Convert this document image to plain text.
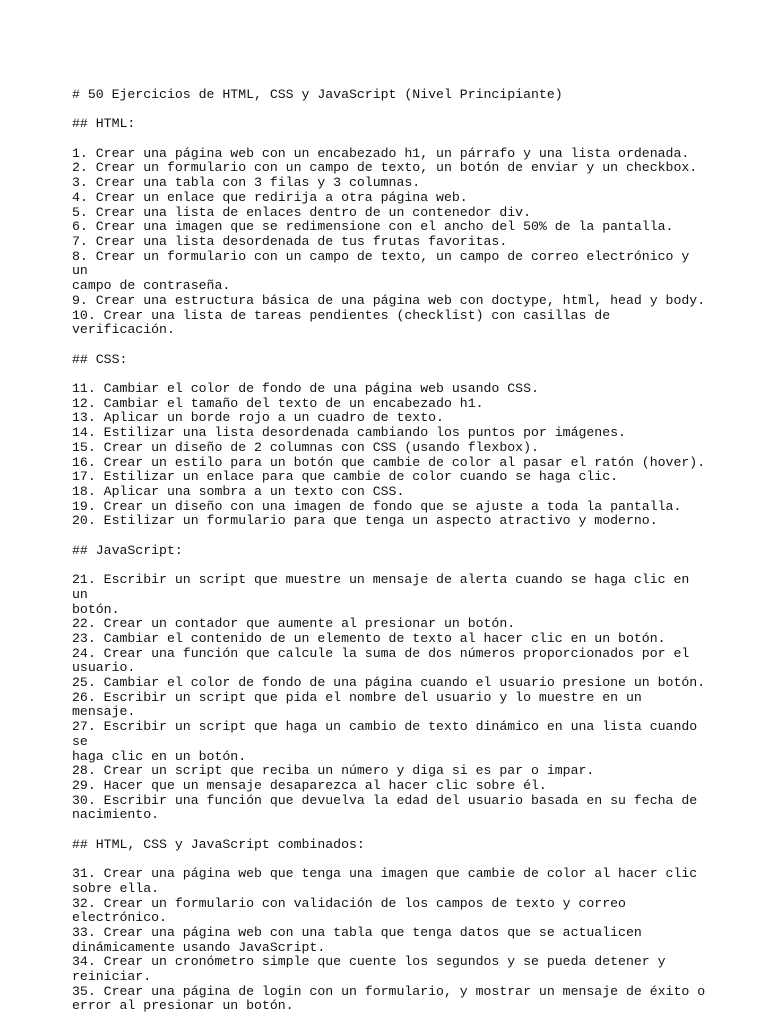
# 50 Ejercicios de HTML, CSS y JavaScript (Nivel Principiante)
## HTML:
1. Crear una página web con un encabezado h1, un párrafo y una lista ordenada.
2. Crear un formulario con un campo de texto, un botón de enviar y un checkbox.
3. Crear una tabla con 3 filas y 3 columnas.
4. Crear un enlace que redirija a otra página web.
5. Crear una lista de enlaces dentro de un contenedor div.
6. Crear una imagen que se redimensione con el ancho del 50% de la pantalla.
7. Crear una lista desordenada de tus frutas favoritas.
8. Crear un formulario con un campo de texto, un campo de correo electrónico y un
campo de contraseña.
9. Crear una estructura básica de una página web con doctype, html, head y body.
10. Crear una lista de tareas pendientes (checklist) con casillas de verificación.
## CSS:
11. Cambiar el color de fondo de una página web usando CSS.
12. Cambiar el tamaño del texto de un encabezado h1.
13. Aplicar un borde rojo a un cuadro de texto.
14. Estilizar una lista desordenada cambiando los puntos por imágenes.
15. Crear un diseño de 2 columnas con CSS (usando flexbox).
16. Crear un estilo para un botón que cambie de color al pasar el ratón (hover).
17. Estilizar un enlace para que cambie de color cuando se haga clic.
18. Aplicar una sombra a un texto con CSS.
19. Crear un diseño con una imagen de fondo que se ajuste a toda la pantalla.
20. Estilizar un formulario para que tenga un aspecto atractivo y moderno.
## JavaScript:
21. Escribir un script que muestre un mensaje de alerta cuando se haga clic en un
botón.
22. Crear un contador que aumente al presionar un botón.
23. Cambiar el contenido de un elemento de texto al hacer clic en un botón.
24. Crear una función que calcule la suma de dos números proporcionados por el
usuario.
25. Cambiar el color de fondo de una página cuando el usuario presione un botón.
26. Escribir un script que pida el nombre del usuario y lo muestre en un mensaje.
27. Escribir un script que haga un cambio de texto dinámico en una lista cuando se
haga clic en un botón.
28. Crear un script que reciba un número y diga si es par o impar.
29. Hacer que un mensaje desaparezca al hacer clic sobre él.
30. Escribir una función que devuelva la edad del usuario basada en su fecha de
nacimiento.
## HTML, CSS y JavaScript combinados:
31. Crear una página web que tenga una imagen que cambie de color al hacer clic
sobre ella.
32. Crear un formulario con validación de los campos de texto y correo electrónico.
33. Crear una página web con una tabla que tenga datos que se actualicen
dinámicamente usando JavaScript.
34. Crear un cronómetro simple que cuente los segundos y se pueda detener y
reiniciar.
35. Crear una página de login con un formulario, y mostrar un mensaje de éxito o
error al presionar un botón.
